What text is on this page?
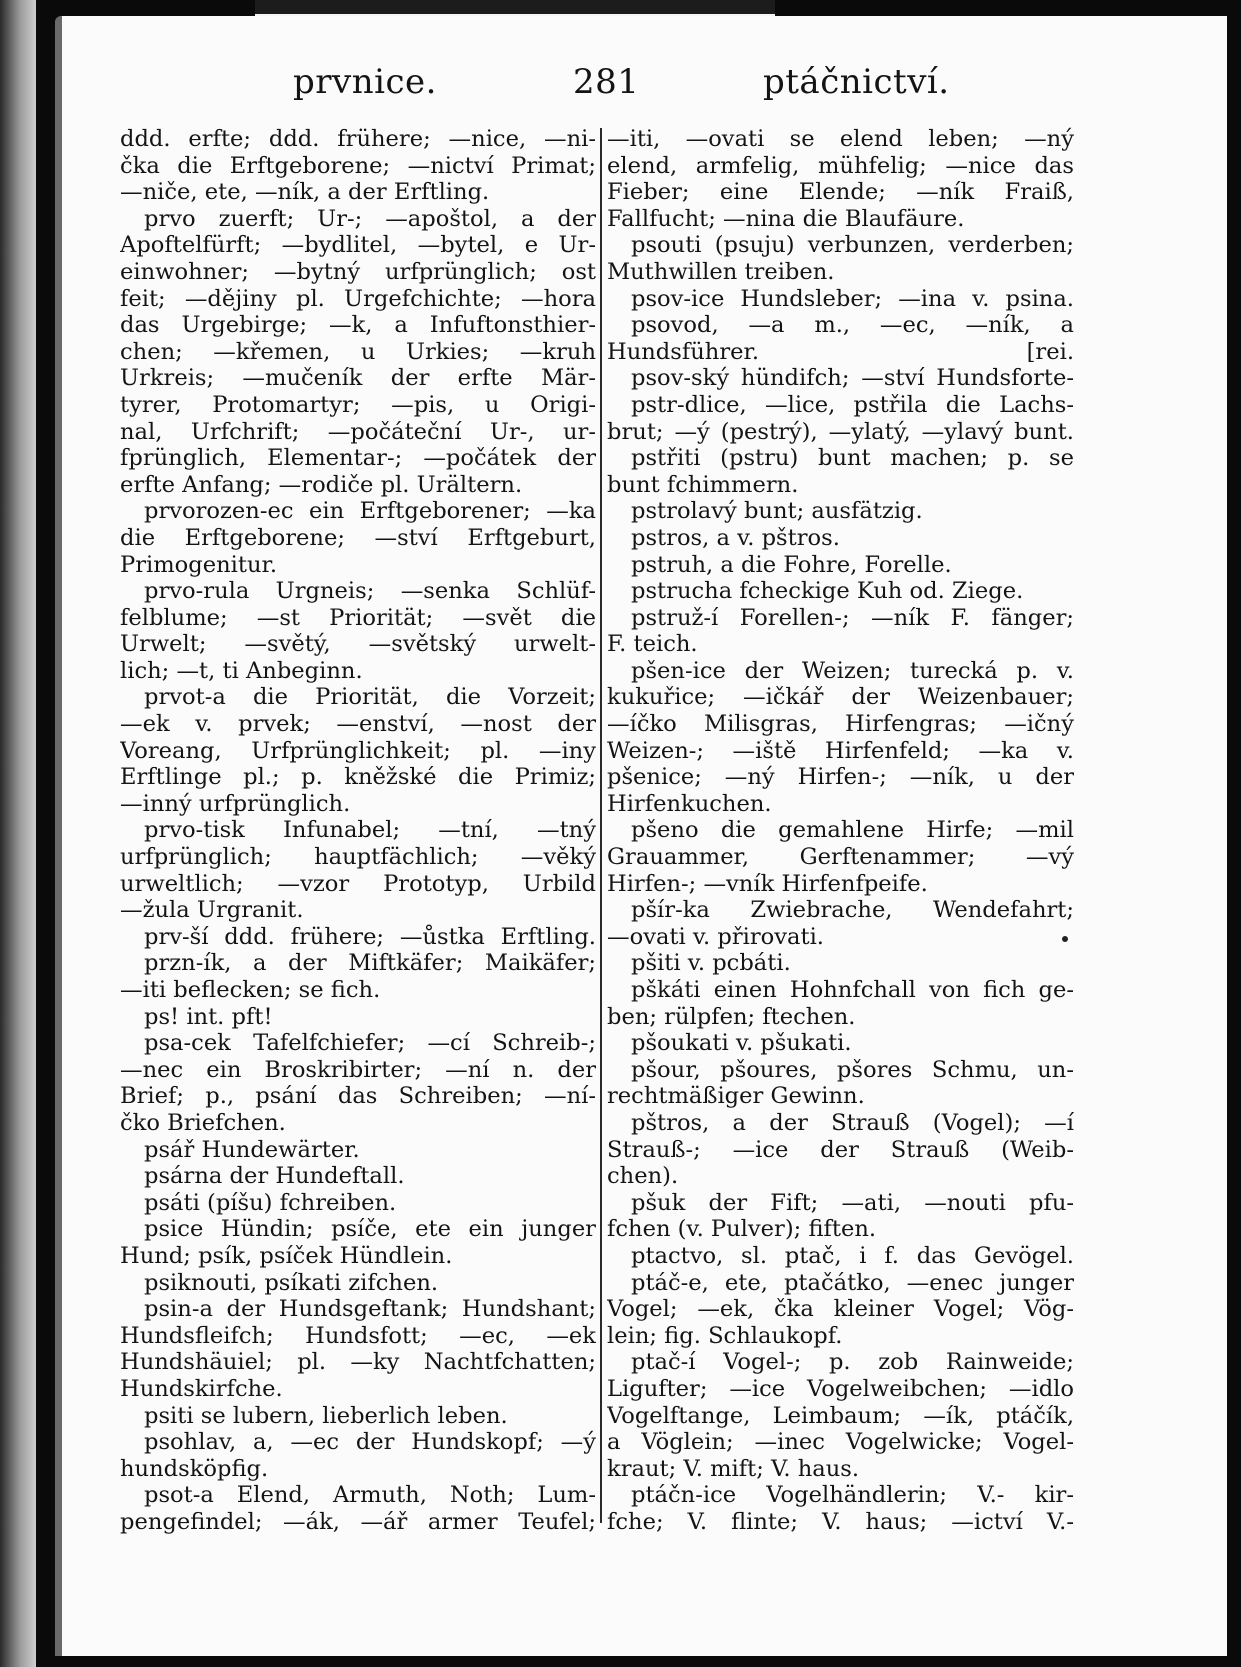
prvnice.	281	ptáčnictví.
ddd. erfte; ddd. frühere; —nice, —ni-
čka die Erftgeborene; —nictví Primat;
—niče, ete, —ník, a der Erftling.
prvo zuerft; Ur-; —apoštol, a der
Apoftelfürft; —bydlitel, —bytel, e Ur-
einwohner; —bytný urfprünglich; ost
feit; —dějiny pl. Urgefchichte; —hora
das Urgebirge; —k, a Infuftonsthier-
chen; —křemen, u Urkies; —kruh
Urkreis; —mučeník der erfte Mär-
tyrer, Protomartyr; —pis, u Origi-
nal, Urfchrift; —počáteční Ur-, ur-
fprünglich, Elementar-; —počátek der
erfte Anfang; —rodiče pl. Urältern.
prvorozen-ec ein Erftgeborener; —ka
die Erftgeborene; —ství Erftgeburt,
Primogenitur.
prvo-rula Urgneis; —senka Schlüf-
felblume; —st Priorität; —svět die
Urwelt; —světý, —světský urwelt-
lich; —t, ti Anbeginn.
prvot-a die Priorität, die Vorzeit;
—ek v. prvek; —enství, —nost der
Voreang, Urfprünglichkeit; pl. —iny
Erftlinge pl.; p. kněžské die Primiz;
—inný urfprünglich.
prvo-tisk Infunabel; —tní, —tný
urfprünglich; hauptfächlich; —věký
urweltlich; —vzor Prototyp, Urbild
—žula Urgranit.
prv-ší ddd. frühere; —ůstka Erftling.
przn-ík, a der Miftkäfer; Maikäfer;
—iti beflecken; se fich.
ps! int. pft!
psa-cek Tafelfchiefer; —cí Schreib-;
—nec ein Broskribirter; —ní n. der
Brief; p., psání das Schreiben; —ní-
čko Briefchen.
psář Hundewärter.
psárna der Hundeftall.
psáti (píšu) fchreiben.
psice Hündin; psíče, ete ein junger
Hund; psík, psíček Hündlein.
psiknouti, psíkati zifchen.
psin-a der Hundsgeftank; Hundshant;
Hundsfleifch; Hundsfott; —ec, —ek
Hundshäuiel; pl. —ky Nachtfchatten;
Hundskirfche.
psiti se lubern, lieberlich leben.
psohlav, a, —ec der Hundskopf; —ý
hundsköpfig.
psot-a Elend, Armuth, Noth; Lum-
pengefindel; —ák, —ář armer Teufel;
—iti, —ovati se elend leben; —ný
elend, armfelig, mühfelig; —nice das
Fieber; eine Elende; —ník Fraiß,
Fallfucht; —nina die Blaufäure.
psouti (psuju) verbunzen, verderben;
Muthwillen treiben.
psov-ice Hundsleber; —ina v. psina.
psovod, —a m., —ec, —ník, a
Hundsführer. [rei.
psov-ský hündifch; —ství Hundsforte-
pstr-dlice, —lice, pstřila die Lachs-
brut; —ý (pestrý), —ylatý, —ylavý bunt.
pstřiti (pstru) bunt machen; p. se
bunt fchimmern.
pstrolavý bunt; ausfätzig.
pstros, a v. pštros.
pstruh, a die Fohre, Forelle.
pstrucha fcheckige Kuh od. Ziege.
pstruž-í Forellen-; —ník F. fänger;
F. teich.
pšen-ice der Weizen; turecká p. v.
kukuřice; —ičkář der Weizenbauer;
—íčko Milisgras, Hirfengras; —ičný
Weizen-; —iště Hirfenfeld; —ka v.
pšenice; —ný Hirfen-; —ník, u der
Hirfenkuchen.
pšeno die gemahlene Hirfe; —mil
Grauammer, Gerftenammer; —vý
Hirfen-; —vník Hirfenfpeife.
pšír-ka Zwiebrache, Wendefahrt;
—ovati v. přirovati.
pšiti v. pcbáti.
pškáti einen Hohnfchall von fich ge-
ben; rülpfen; ftechen.
pšoukati v. pšukati.
pšour, pšoures, pšores Schmu, un-
rechtmäßiger Gewinn.
pštros, a der Strauß (Vogel); —í
Strauß-; —ice der Strauß (Weib-
chen).
pšuk der Fift; —ati, —nouti pfu-
fchen (v. Pulver); fiften.
ptactvo, sl. ptač, i f. das Gevögel.
ptáč-e, ete, ptačátko, —enec junger
Vogel; —ek, čka kleiner Vogel; Vög-
lein; fig. Schlaukopf.
ptač-í Vogel-; p. zob Rainweide;
Ligufter; —ice Vogelweibchen; —idlo
Vogelftange, Leimbaum; —ík, ptáčík,
a Vöglein; —inec Vogelwicke; Vogel-
kraut; V. mift; V. haus.
ptáčn-ice Vogelhändlerin; V.- kir-
fche; V. flinte; V. haus; —ictví V.-
